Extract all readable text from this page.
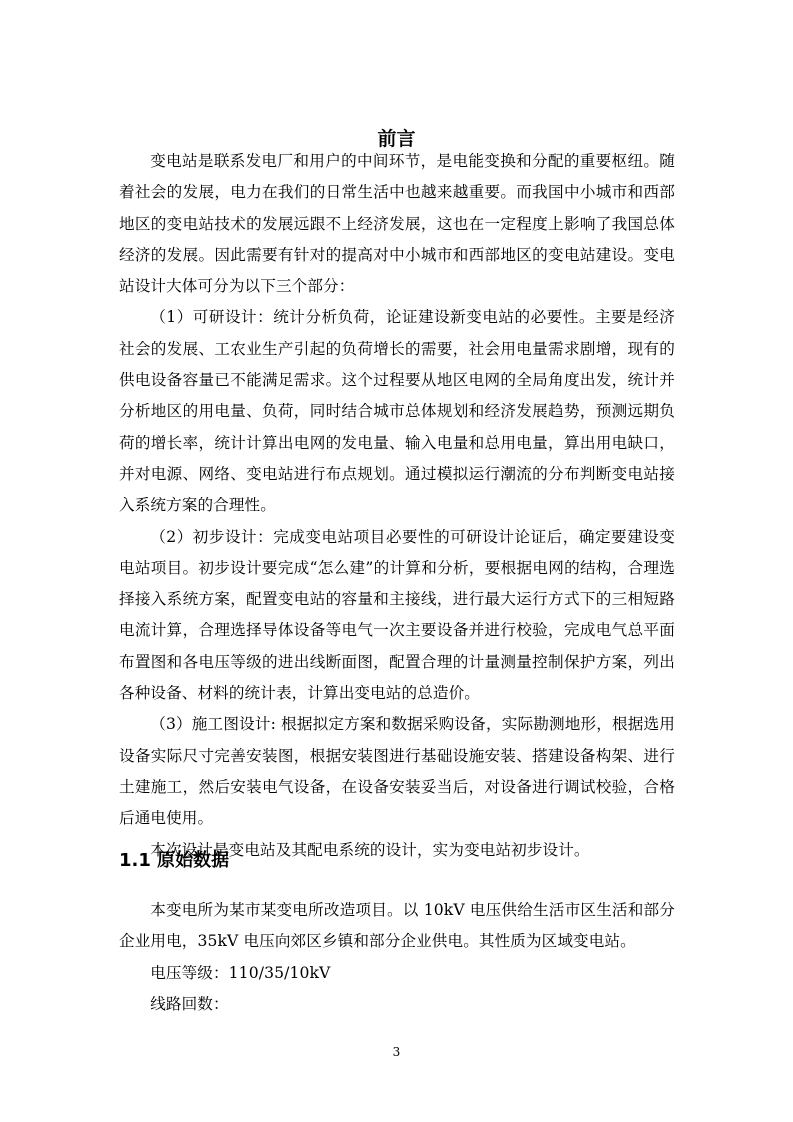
前言

变电站是联系发电厂和用户的中间环节，是电能变换和分配的重要枢纽。随着社会的发展，电力在我们的日常生活中也越来越重要。而我国中小城市和西部地区的变电站技术的发展远跟不上经济发展，这也在一定程度上影响了我国总体经济的发展。因此需要有针对的提高对中小城市和西部地区的变电站建设。变电站设计大体可分为以下三个部分：

（1）可研设计：统计分析负荷，论证建设新变电站的必要性。主要是经济社会的发展、工农业生产引起的负荷增长的需要，社会用电量需求剧增，现有的供电设备容量已不能满足需求。这个过程要从地区电网的全局角度出发，统计并分析地区的用电量、负荷，同时结合城市总体规划和经济发展趋势，预测远期负荷的增长率，统计计算出电网的发电量、输入电量和总用电量，算出用电缺口，并对电源、网络、变电站进行布点规划。通过模拟运行潮流的分布判断变电站接入系统方案的合理性。

（2）初步设计：完成变电站项目必要性的可研设计论证后，确定要建设变电站项目。初步设计要完成“怎么建”的计算和分析，要根据电网的结构，合理选择接入系统方案，配置变电站的容量和主接线，进行最大运行方式下的三相短路电流计算，合理选择导体设备等电气一次主要设备并进行校验，完成电气总平面布置图和各电压等级的进出线断面图，配置合理的计量测量控制保护方案，列出各种设备、材料的统计表，计算出变电站的总造价。

（3）施工图设计: 根据拟定方案和数据采购设备，实际勘测地形，根据选用设备实际尺寸完善安装图，根据安装图进行基础设施安装、搭建设备构架、进行土建施工，然后安装电气设备，在设备安装妥当后，对设备进行调试校验，合格后通电使用。

本次设计是变电站及其配电系统的设计，实为变电站初步设计。

1.1 原始数据

本变电所为某市某变电所改造项目。以 10kV 电压供给生活市区生活和部分企业用电，35kV 电压向郊区乡镇和部分企业供电。其性质为区域变电站。

电压等级：110/35/10kV

线路回数：

3
